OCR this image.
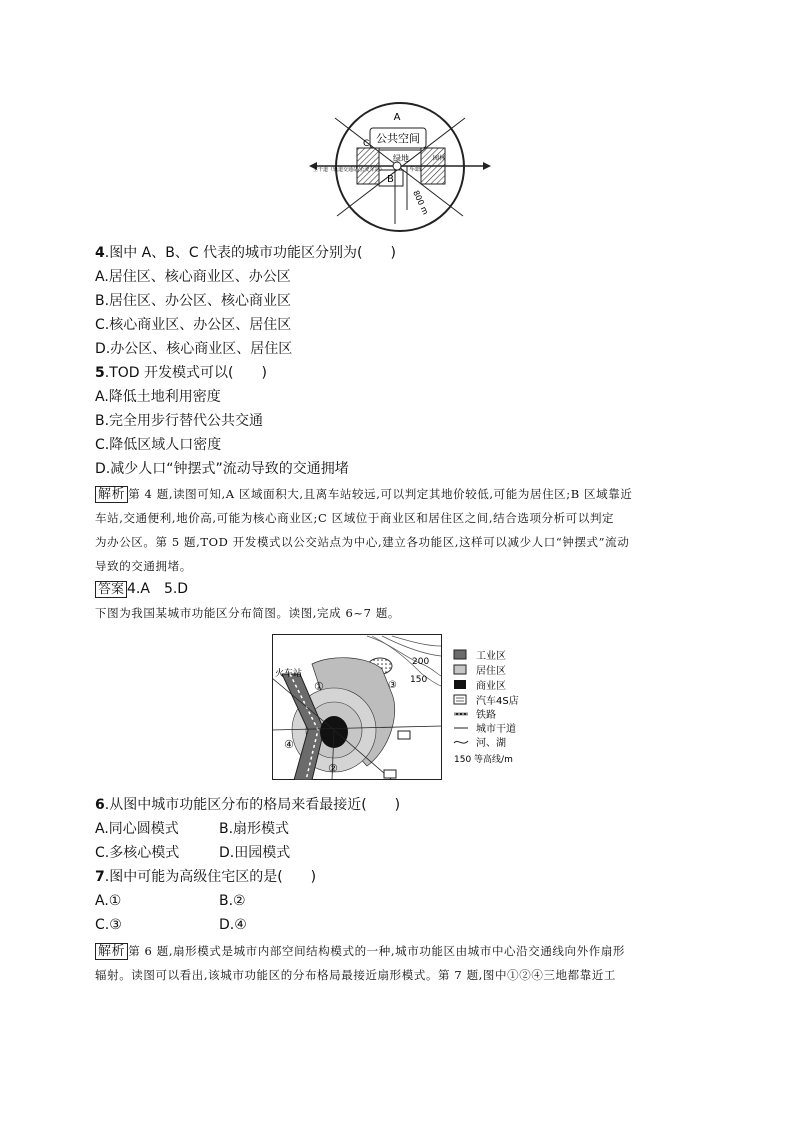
A
公共空间
绿地
C
主干道（轨道交通站/公交车站）	车站
B
园林
800 m
4.图中 A、B、C 代表的城市功能区分别为(　　)
A.居住区、核心商业区、办公区
B.居住区、办公区、核心商业区
C.核心商业区、办公区、居住区
D.办公区、核心商业区、居住区
5.TOD 开发模式可以(　　)
A.降低土地利用密度
B.完全用步行替代公共交通
C.降低区域人口密度
D.减少人口“钟摆式”流动导致的交通拥堵
解析 第 4 题,读图可知,A 区域面积大,且离车站较远,可以判定其地价较低,可能为居住区;B 区域靠近
车站,交通便利,地价高,可能为核心商业区;C 区域位于商业区和居住区之间,结合选项分析可以判定
为办公区。第 5 题,TOD 开发模式以公交站点为中心,建立各功能区,这样可以减少人口“钟摆式”流动
导致的交通拥堵。
答案 4.A　5.D
下图为我国某城市功能区分布简图。读图,完成 6~7 题。
火车站
①
②
③
④
200
150
工业区
居住区
商业区
汽车4S店
铁路
城市干道
河、湖
150 等高线/m
6.从图中城市功能区分布的格局来看最接近(　　)
A.同心圆模式	B.扇形模式
C.多核心模式	D.田园模式
7.图中可能为高级住宅区的是(　　)
A.①	B.②
C.③	D.④
解析 第 6 题,扇形模式是城市内部空间结构模式的一种,城市功能区由城市中心沿交通线向外作扇形
辐射。读图可以看出,该城市功能区的分布格局最接近扇形模式。第 7 题,图中①②④三地都靠近工
